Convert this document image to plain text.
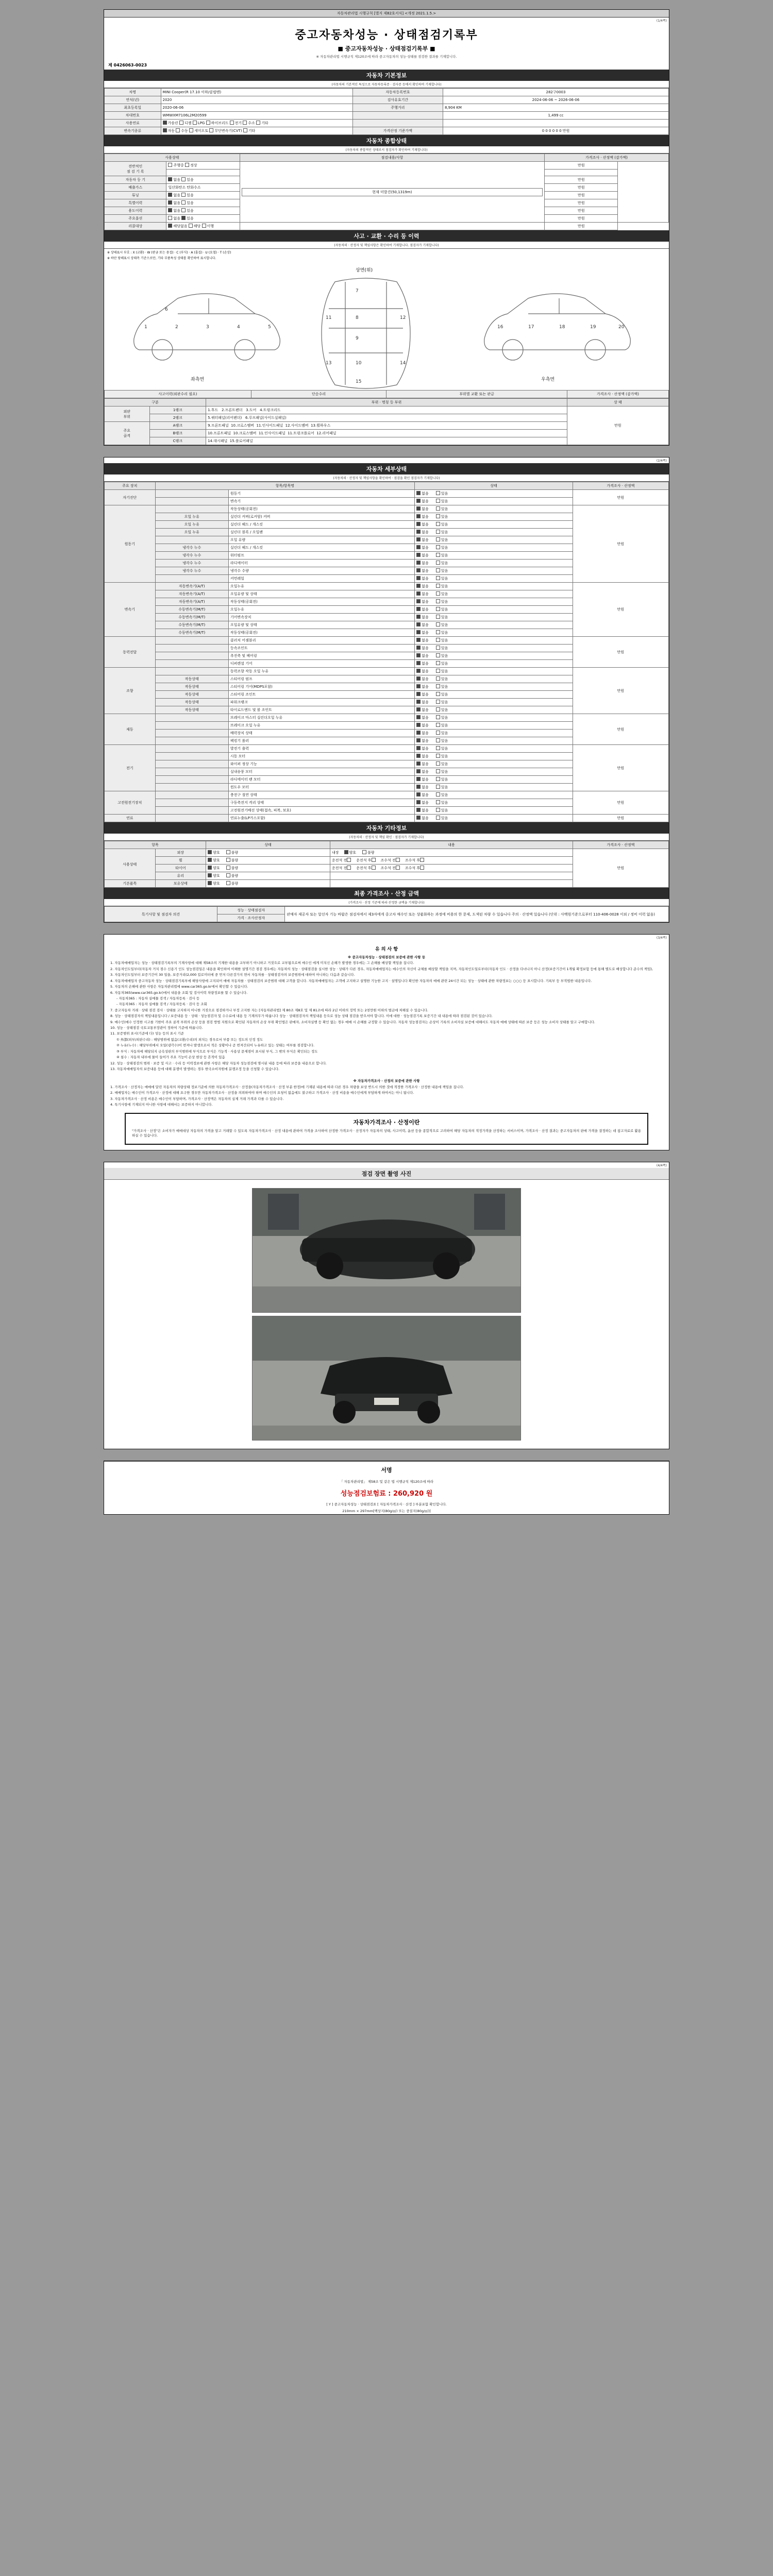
자동차관리법 시행규칙 [별지 제82호서식] <개정 2021.1.5.>
(1/4쪽)
중고자동차성능 · 상태점검기록부
■ 중고자동차성능 · 상태점검기록부 ■
※ 자동차관리법 시행규칙 제120조에 따라 중고자동차의 성능·상태를 점검한 결과를 기재합니다.
제 0426063-0023
자동차 기본정보
(자동차의 기본적인 특성으로 자동차등록증 · 검사증 등에서 확인하여 기재합니다)
차명	MINI Cooper(R 17.10 이하/클럽맨)	자동차등록번호	282구0003
연식(년)	2020	검사유효기간	2024-06-06 ~ 2026-06-06
최초등록일	2020-06-06	주행거리	8,904 KM
차대번호	WMWXM7106L2M20599		1,499 cc
사용연료	가솔린 디젤 LPG 하이브리드 전기 수소 기타		
변속기종류	자동 수동 세미오토 무단변속기(CVT) 기타	가격산정 기준가액	0 0 0 0 0 0 만원
자동차 종합상태
(자동차의 종합적인 상태로서 점검자가 확인하여 기재합니다)
사용상태		점검내용/사항	가격조사 · 산정액 (감가액)	
전반적인
점 검 기 록	주행중 정상	현재 미발견(50,1319m)	만원	

자동차 등 기	없음 있음		만원	
배출가스	일산화탄소 탄화수소		만원	
튜닝	없음 있음		만원	
특별이력	없음 있음		만원	
용도이력	없음 있음		만원	
주요옵션	없음 있음		만원	
리콜대상	해당없음 해당 이행		만원	
사고 · 교환 · 수리 등 이력
(자동차의 · 산정자 및 책임사항은 확인하여 기재합니다. 점검자가 기재합니다)
※ 상태표시 부호 : X (교환) · W (판금 또는 용접) · C (부식) · A (흠집) · U (요철) · T (손상)
※ 하단 당해표시 상태측 기준으로만, 기타 부품특성 상태를 확인하여 표시합니다.
1	2	3	4	5
6
7
8
9
10
11	12
13	14
15
16	17	18	19	20
좌측면
상면(위)
우측면
사고이력(외판수리 필요)	단순수리	부위별 교환 또는 판금	가격조사 · 산정액 (감가액)
구분		부위 · 명칭 등 부위	상 태
외판
부위	1랭크	1.후드 2.프론트펜더 3.도어 4.트렁크리드	만원
	2랭크	5.쿼터패널(리어펜더) 6.루프패널(사이드실패널)	
주요
골격	A랭크	9.프론트패널 10.크로스멤버 11.인사이드패널 12.사이드멤버 13.휠하우스	
	B랭크	10.프론트패널 10.크로스멤버 11.인사이드패널 11.트렁크플로어 12.리어패널	
	C랭크	14.대시패널 15.플로어패널	
(2/4쪽)
자동차 세부상태
(자동차의 · 산정자 및 책임사항을 확인하여 · 점검을 확인 점검자가 기재합니다)
주요 장치	항목/항목명		상태	가격조사 · 산정액
자기진단		원동기	없음 있음	만원
		변속기	없음 있음	
원동기		작동상태(공회전)	없음 있음	만원
	오일 누유	실린더 커버(로커암) 커버	없음 있음	
	오일 누유	실린더 헤드 / 개스킷	없음 있음	
	오일 누유	실린더 블록 / 오일팬	없음 있음	
		오일 유량	없음 있음	
	냉각수 누수	실린더 헤드 / 개스킷	없음 있음	
	냉각수 누수	워터펌프	없음 있음	
	냉각수 누수	라디에이터	없음 있음	
	냉각수 누수	냉각수 수량	없음 있음	
		커먼레일	없음 있음	
변속기	자동변속기(A/T)	오일누유	없음 있음	만원
	자동변속기(A/T)	오일유량 및 상태	없음 있음	
	자동변속기(A/T)	작동상태(공회전)	없음 있음	
	수동변속기(M/T)	오일누유	없음 있음	
	수동변속기(M/T)	기어변속장치	없음 있음	
	수동변속기(M/T)	오일유량 및 상태	없음 있음	
	수동변속기(M/T)	작동상태(공회전)	없음 있음	
동력전달		클러치 어셈블리	없음 있음	만원
		등속조인트	없음 있음	
		추진축 및 베어링	없음 있음	
		디퍼렌셜 기어	없음 있음	
조향		동력조향 작동 오일 누유	없음 있음	만원
	작동상태	스티어링 펌프	없음 있음	
	작동상태	스티어링 기어(MDPS포함)	없음 있음	
	작동상태	스티어링 조인트	없음 있음	
	작동상태	파워크랭크	없음 있음	
	작동상태	타이로드엔드 및 볼 조인트	없음 있음	
제동		브레이크 마스터 실린더오일 누유	없음 있음	만원
		브레이크 오일 누유	없음 있음	
		배력장치 상태	없음 있음	
		팩킹기 롤러	없음 있음	
전기		발전기 출력	없음 있음	만원
		시동 모터	없음 있음	
		와이퍼 정상 기능	없음 있음	
		실내송풍 모터	없음 있음	
		라디에이터 팬 모터	없음 있음	
		윈도우 모터	없음 있음	
고전원전기장치		충전구 절연 상태	없음 있음	만원
		구동축전지 격리 상태	없음 있음	
		고전원전기배선 상태(접속, 피복, 보호)	없음 있음	
연료		연료누출(LP가스포함)	없음 있음	만원
자동차 기타정보
(자동차의 · 산정자 및 책임 확인 · 점검자가 기재합니다)
항목		상태	내용	가격조사 · 산정액
사용상태	외장	양호 불량	내장 양호 불량	만원
	휠	양호 불량	운전석 전 운전석 후 조수석 전 조수석 후	
	타이어	양호 불량	운전석 전 운전석 후 조수석 전 조수석 후	
	유리	양호 불량		
기본품목	보유상태	양호 불량		
최종 가격조사 · 산정 금액
(가격조사 · 산정 기준에 따라 산정한 금액을 기재합니다)
특기사항 및 점검자 의견	성능 · 상태점검자	판매자 제공자 또는 알선자 기능 바랍은 점검자에서 제3자에게 중고차 매수인 또는 상품화하는 과정에 비용의 한 문제, 도색된 차량 수 있습니다 주의 · 산정액 있습니다 (단위 : 사백원기준으로부터 110-406-0028 이외 / 정비 이력 없음)
가격 · 조사산정자
(3/4쪽)
유 의 사 항

※ 중고자동차성능 · 상태점검의 보증에 관한 사항 등

1. 자동차매매업자는 성능 · 상태점검기록부의 기재사항에 대해 제58조의 기재한 내용을 교부하기 아니하고 거짓으로 교부됩으로써 매수인 에게 미치신 손해가 발생한 경우에는 그 손해를 배상할 책임을 집니다.

2. 자동차인도일부터(자동차 거치 점수 신용기 인도 성능점검일은 내용을 확인하여 이해한 설명기간 점검 경우에는 자동차의 성능 · 상태점검을 실시한 성능 · 상태가 다른 경우, 자동차매매업자는 매수인의 자신이 규체를 배상할 책임을 지며, 자동차인도일로부터(자동차 인도 · 산정을 다녀나지 아니 산정(보증기간이 1개월 확정보험 등에 통해 별도로 배상합니다 준수의 책임),

3. 자동차인도일부터 보증기간이 30 일을, 보증거리(2,000 킬로미터에 중 먼저 다른것가지 면서 자동차를 · 상태점검자의 보증범위에 대하여 아니하는 다음과 같습니다.

4. 자동차매매업자 중고자동차 성능 · 상태점검기록부에 해당사항에 고지되어 매매 자동차를 · 상태점검의 보증범위 대해 고객을 합니다. 자동차매매업자는 고객에 고지하고 설명한 기능한 고지 · 설명입니다 확인한 자동차의 매매 관련 24시간 되는 성능 · 상태에 관한 차량정보는 ○○○ 등 표시합니다. 기록부 등 부적법한 내용입니다.

5. 자동차의 손해에 관한 사항은 자동차관리법에 www.car365.go.kr에서 확인할 수 있습니다.

6. 자동차365(www.car365.go.kr)에서 내용을 조회 및 검사이력 차량정보를 할 수 있습니다.

- 자동차365 : 자동차 실매물 검색 / 자동차등록 · 검사 등

- 자동차365 : 자동차 실매물 검색 / 자동차등록 · 검사 등 조회

7. 중고자동차 거래 · 상태 점검 검사 · 상태를 고지하지 아니한 거짓으로 점검하거나 부정 고지한 자는 [자동차관리법] 제 80조 제8호 및 제 81조에 따라 2년 이하의 징역 또는 2천만원 이하의 벌금에 처해질 수 있습니다.

8. 성능 · 상태점검자의 책임내용입니다 / 보증내용 등 · 상태 · 성능점검자 및 수수료에 내용 등 기재의무가 따릅니다 성능 · 상태점검자의 책임내용 등으로 성능 상태 점검을 받으셔야 합니다. 이에 대한 · 성능점검기록 보증기간 내 내용에 따라 점검된 것이 있습니다.

9. 매수인(매수 인정한 시고를 기한이 주요 골격 부위의 손상 등을 점검 방법 지원으로 확인된 자동차의 손상 부위 확인법은 판매자, 소비자실행 등 확인 없는 경우 매매 시 손해를 규정할 수 있습니다. 자동차 성능점검자는 손상이 기록의 소비자실 보증에 대해서도 자동차 매매 상태에 따른 보증 등은 성능 소비자 상태를 알고 구매합니다.

10. 성능 · 상태점검 국토교통부장관이 정하여 기준에 따릅니다.

11. 보증범위 표시(기준에 다) 성능 등의 표시 기준

① 外部(외부/외판수리) : 해당범위에 없음(교환/수리)의 외치는 경우로서 부품 또는 정도의 인정 정도

② 누유(누수) : 해당부위에서 오일(냉각수)이 번져나 발생으로서 적은 상황이나 곧 번져간되어 누유하고 있는 상태는 여부를 점검합니다.

③ 부식 : 자동차에 해당되지 금속성판의 부식범위에 부식으로 부식은 기능적 · 사용상 문제점이 표시된 부식, 그 밖의 부식은 확인되는 정도

④ 침수 : 자동차 내부에 물이 들어가 주요 기능이 손상 현상 등 흔적이 있음

12. 성능 · 상태점검의 범위 · 보증 및 사고 · 수리 등 이력정보에 관한 사항은 해당 자동차 성능점검에 명시된 내용 등에 따라 보증을 내용으로 합니다.

13. 자동차매매업자의 보증내용 등에 대해 분쟁이 발생하는 경우 한국소비자원에 분쟁조정 등을 신청할 수 있습니다.

※ 자동차가격조사 · 산정의 보증에 관한 사항

1. 가격조사 · 산정자는 매매에 달린 자동차의 차량상태 정보기준에 의한 자동차가격조사 · 산정을(자동차가격조사 · 산정 부분 한정)에 기재된 내용에 따라 다른 경우 차량을 보상 반드시 의한 것에 적정한 가격조사 · 산정한 내용에 책임을 집니다.

2. 매매업자는 매수인이 가격조사 · 산정에 대해 요구한 경우만 자동차가격조사 · 산정을 의뢰하여야 하며 매수인의 요청이 없음에도 불구하고 가격조사 · 산정 비용을 매수인에게 부담하게 하여서는 아니 됩니다.

3. 자동차가격조사 · 산정 비용은 매수인이 부담하며, 가격조사 · 산정액은 자동차의 실제 거래 가격과 다를 수 있습니다.

4. 특기사항에 기재되지 아니한 사항에 대해서는 보증하지 아니합니다.

자동차가격조사 · 산정이란

"가격조사 · 산정"은 소비자가 매매대상 자동차의 가격을 알고 거래할 수 있도록 자동차가격조사 · 산정 내용에 관하여 가격을 조사하여 산정한 가격조사 · 산정자가 자동차의 상태, 사고이력, 옵션 등을 종합적으로 고려하여 해당 자동차의 적정가격을 산정하는 서비스이며, 가격조사 · 산정 결과는 중고자동차의 판매 가격을 결정하는 데 참고자료로 활용하실 수 있습니다.

(4/4쪽)
점검 장면 촬영 사진
서명
「 자동차관리법」 제58조 및 같은 법 시행규칙 제120조에 따라
성능점검보험료 : 260,920 원
[ Y ] 중고자동차성능 · 상태점검표 [ 자동차가격조사 · 산정 ] 부분포함 확인합니다.
210mm × 297mm[백상지(80g/㎡) 또는 중질지(80g/㎡)]
